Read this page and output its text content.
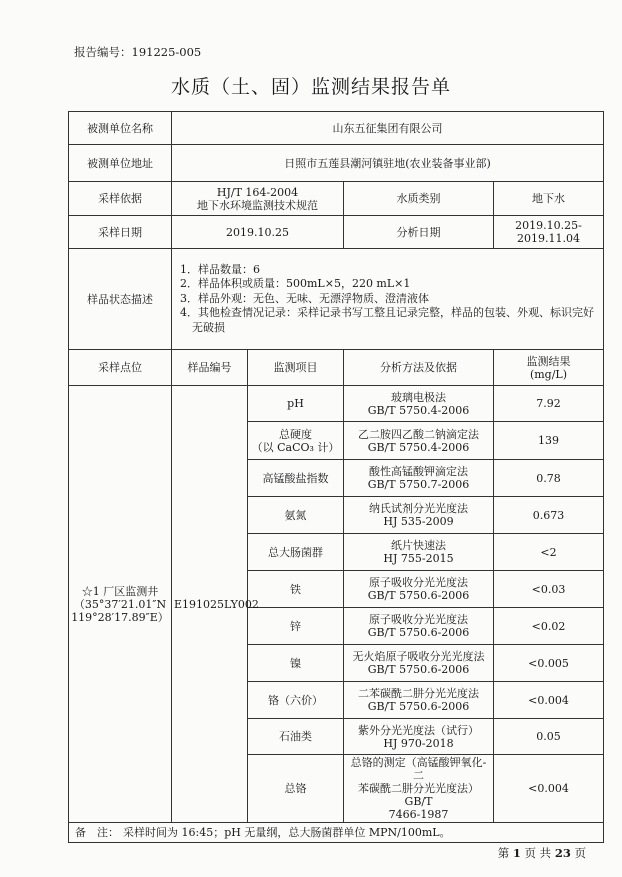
报告编号：191225-005
水质（土、固）监测结果报告单
被测单位名称	山东五征集团有限公司			
被测单位地址	日照市五莲县潮河镇驻地(农业装备事业部)			
采样依据	HJ/T 164-2004
地下水环境监测技术规范		水质类别	地下水
采样日期	2019.10.25		分析日期	2019.10.25-2019.11.04
样品状态描述	1．样品数量：6
2．样品体积或质量：500mL×5，220 mL×1
3．样品外观：无色、无味、无漂浮物质、澄清液体
4．其他检查情况记录：采样记录书写工整且记录完整，样品的包装、外观、标识完好
无破损			

采样点位	样品编号	监测项目	分析方法及依据	监测结果
(mg/L)

☆1 厂区监测井
（35°37′21.01″N
119°28′17.89″E）	E191025LY002	pH	玻璃电极法
GB/T 5750.4-2006	7.92

		总硬度
（以 CaCO₃ 计）	乙二胺四乙酸二钠滴定法
GB/T 5750.4-2006	139
		高锰酸盐指数	酸性高锰酸钾滴定法
GB/T 5750.7-2006	0.78
		氨氮	纳氏试剂分光光度法
HJ 535-2009	0.673
		总大肠菌群	纸片快速法
HJ 755-2015	<2
		铁	原子吸收分光光度法
GB/T 5750.6-2006	<0.03
		锌	原子吸收分光光度法
GB/T 5750.6-2006	<0.02
		镍	无火焰原子吸收分光光度法
GB/T 5750.6-2006	<0.005
		铬（六价）	二苯碳酰二肼分光光度法
GB/T 5750.6-2006	<0.004
		石油类	紫外分光光度法（试行）
HJ 970-2018	0.05
		总铬	总铬的测定（高锰酸钾氧化-二
苯碳酰二肼分光光度法）GB/T
7466-1987	<0.004
备　注： 采样时间为 16:45；pH 无量纲，总大肠菌群单位 MPN/100mL。				
第 1 页 共 23 页
